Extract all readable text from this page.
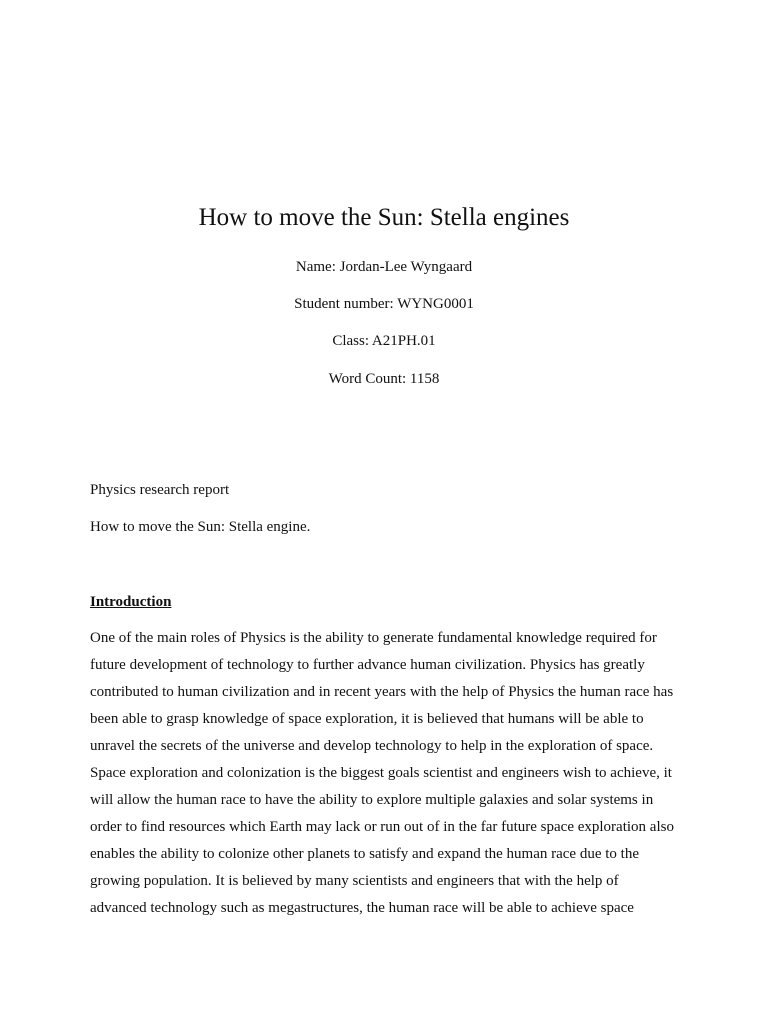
How to move the Sun: Stella engines
Name: Jordan-Lee Wyngaard
Student number: WYNG0001
Class: A21PH.01
Word Count: 1158
Physics research report
How to move the Sun: Stella engine.
Introduction
One of the main roles of Physics is the ability to generate fundamental knowledge required for
future development of technology to further advance human civilization. Physics has greatly
contributed to human civilization and in recent years with the help of Physics the human race has
been able to grasp knowledge of space exploration, it is believed that humans will be able to
unravel the secrets of the universe and develop technology to help in the exploration of space.
Space exploration and colonization is the biggest goals scientist and engineers wish to achieve, it
will allow the human race to have the ability to explore multiple galaxies and solar systems in
order to find resources which Earth may lack or run out of in the far future space exploration also
enables the ability to colonize other planets to satisfy and expand the human race due to the
growing population. It is believed by many scientists and engineers that with the help of
advanced technology such as megastructures, the human race will be able to achieve space
